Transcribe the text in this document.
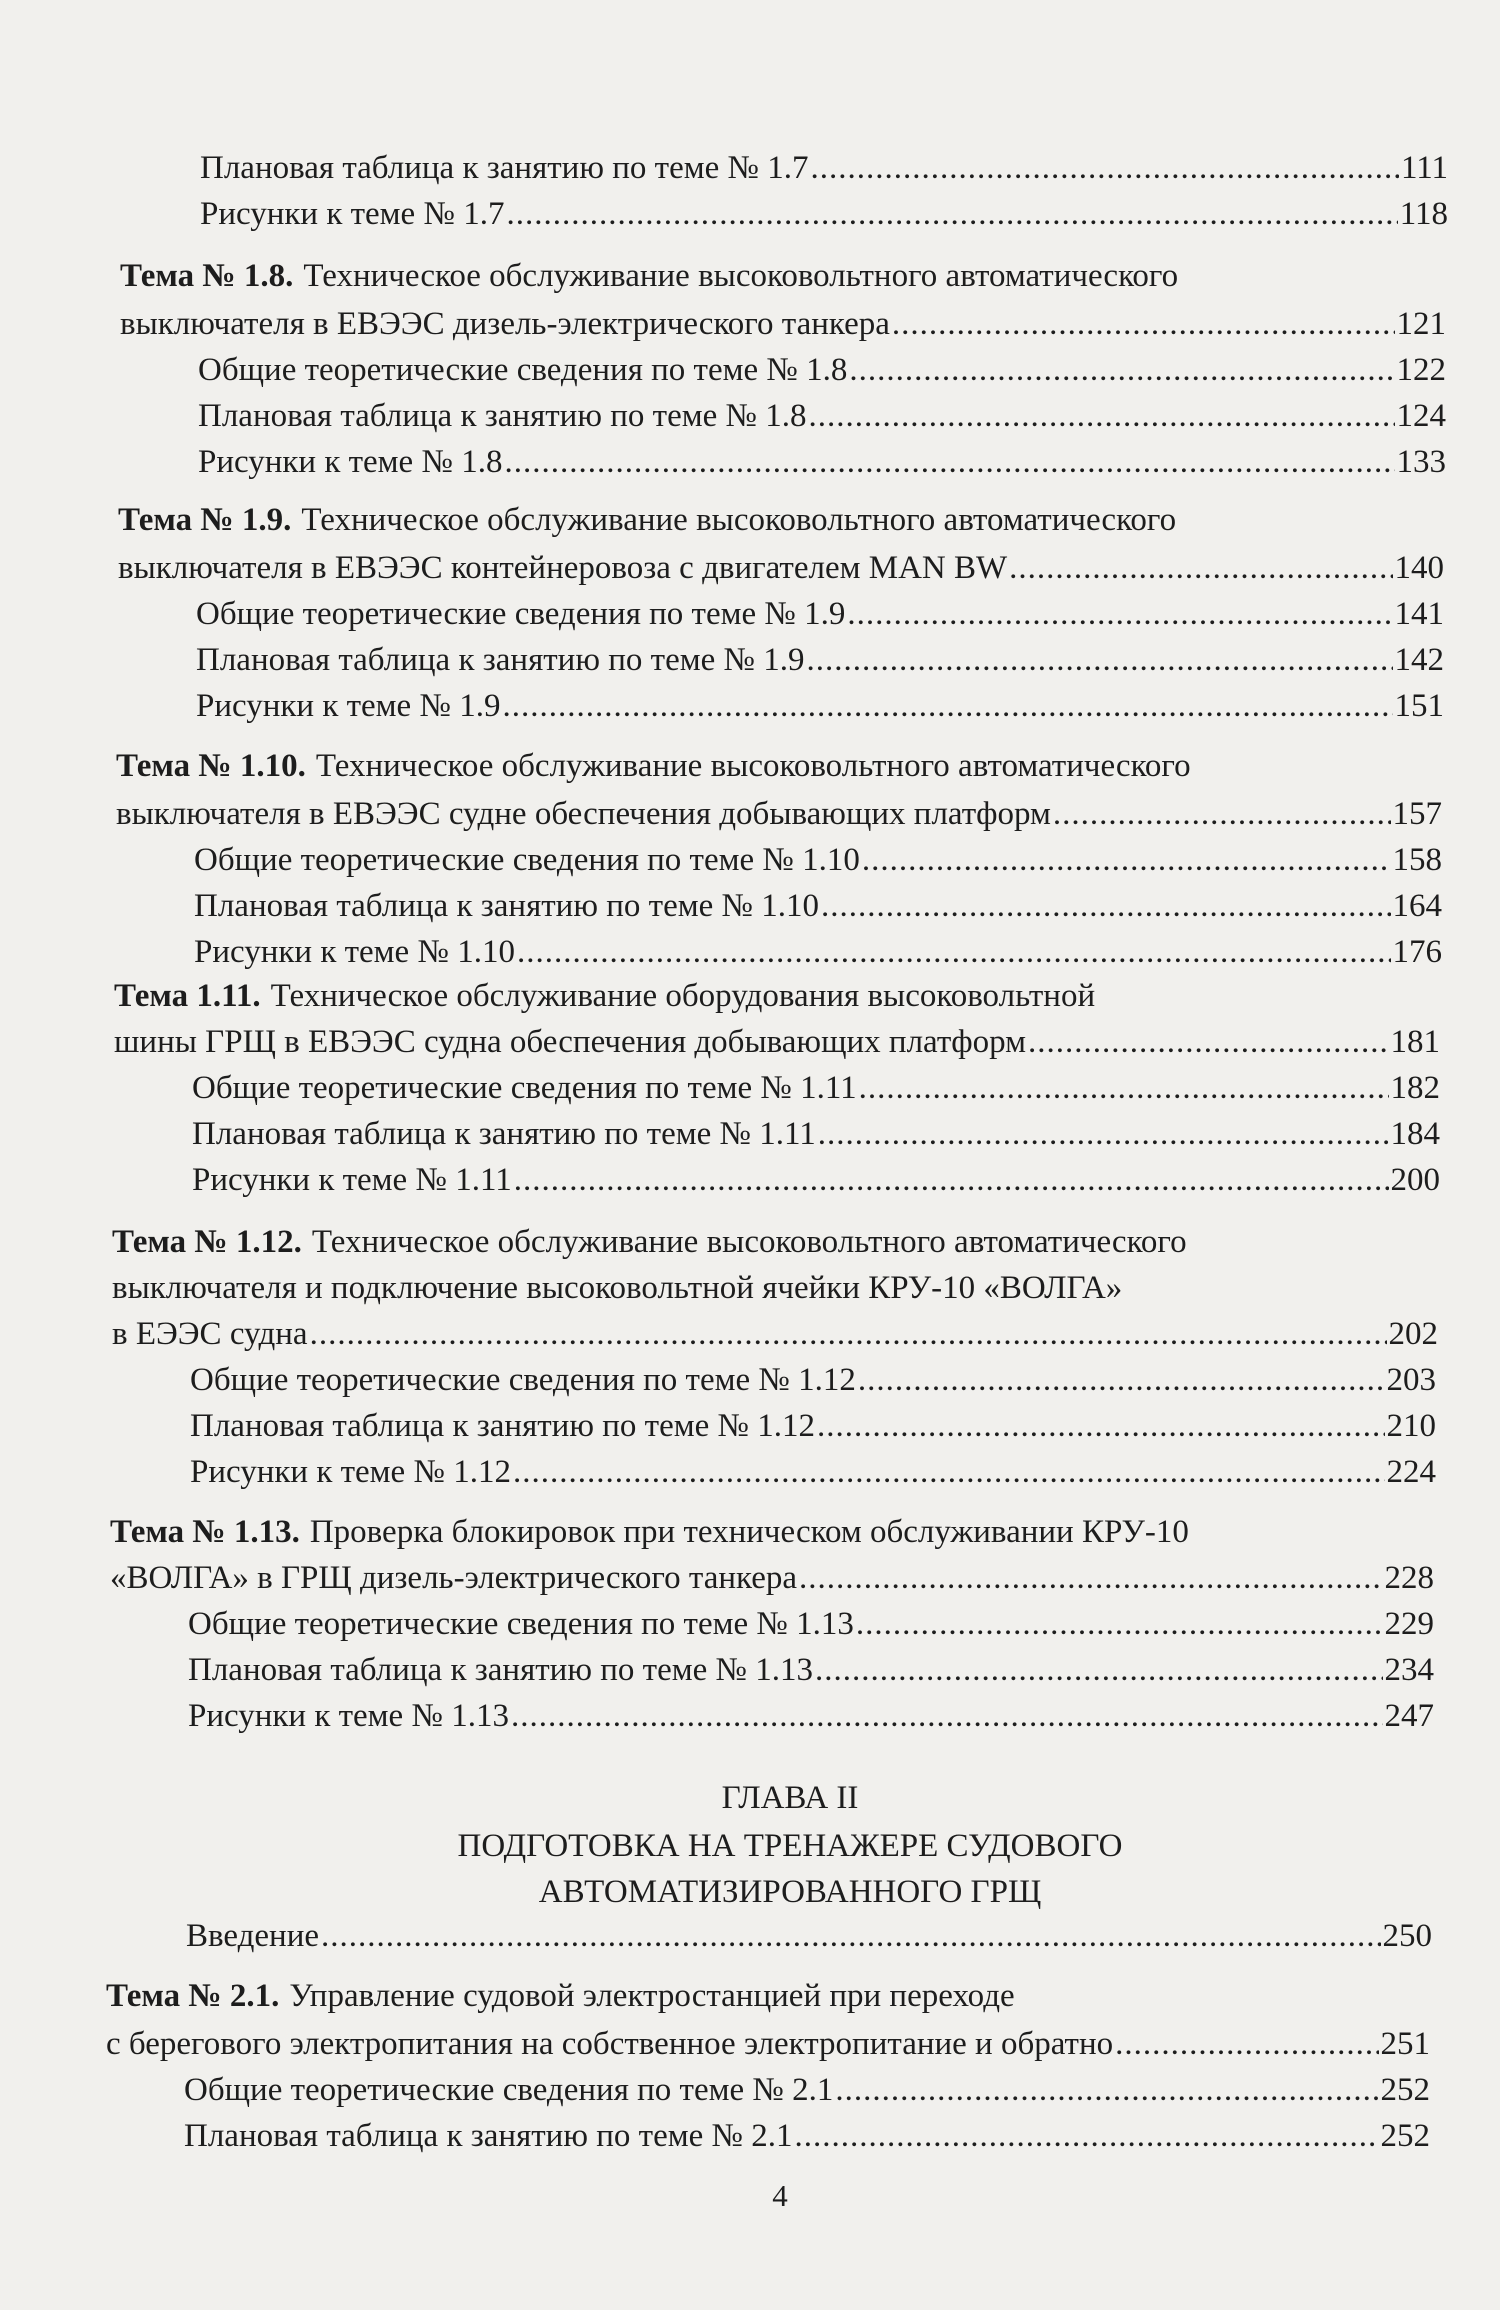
Плановая таблица к занятию по теме № 1.7 .....	111
Рисунки к теме № 1.7 .....	118
Тема № 1.8. Техническое обслуживание высоковольтного автоматического
выключателя в ЕВЭЭС дизель-электрического танкера .....	121
Общие теоретические сведения по теме № 1.8 .....	122
Плановая таблица к занятию по теме № 1.8 .....	124
Рисунки к теме № 1.8 .....	133
Тема № 1.9. Техническое обслуживание высоковольтного автоматического
выключателя в ЕВЭЭС контейнеровоза с двигателем MAN BW .....	140
Общие теоретические сведения по теме № 1.9 .....	141
Плановая таблица к занятию по теме № 1.9 .....	142
Рисунки к теме № 1.9 .....	151
Тема № 1.10. Техническое обслуживание высоковольтного автоматического
выключателя в ЕВЭЭС судне обеспечения добывающих платформ .....	157
Общие теоретические сведения по теме № 1.10 .....	158
Плановая таблица к занятию по теме № 1.10 .....	164
Рисунки к теме № 1.10 .....	176
Тема 1.11. Техническое обслуживание оборудования высоковольтной
шины ГРЩ в ЕВЭЭС судна обеспечения добывающих платформ .....	181
Общие теоретические сведения по теме № 1.11 .....	182
Плановая таблица к занятию по теме № 1.11 .....	184
Рисунки к теме № 1.11 .....	200
Тема № 1.12. Техническое обслуживание высоковольтного автоматического
выключателя и подключение высоковольтной ячейки КРУ-10 «ВОЛГА»
в ЕЭЭС судна .....	202
Общие теоретические сведения по теме № 1.12 .....	203
Плановая таблица к занятию по теме № 1.12 .....	210
Рисунки к теме № 1.12 .....	224
Тема № 1.13. Проверка блокировок при техническом обслуживании КРУ-10
«ВОЛГА» в ГРЩ дизель-электрического танкера .....	228
Общие теоретические сведения по теме № 1.13 .....	229
Плановая таблица к занятию по теме № 1.13 .....	234
Рисунки к теме № 1.13 .....	247
ГЛАВА II
ПОДГОТОВКА НА ТРЕНАЖЕРЕ СУДОВОГО
АВТОМАТИЗИРОВАННОГО ГРЩ
Введение .....	250
Тема № 2.1. Управление судовой электростанцией при переходе
с берегового электропитания на собственное электропитание и обратно .....	251
Общие теоретические сведения по теме № 2.1 .....	252
Плановая таблица к занятию по теме № 2.1 .....	252
4
